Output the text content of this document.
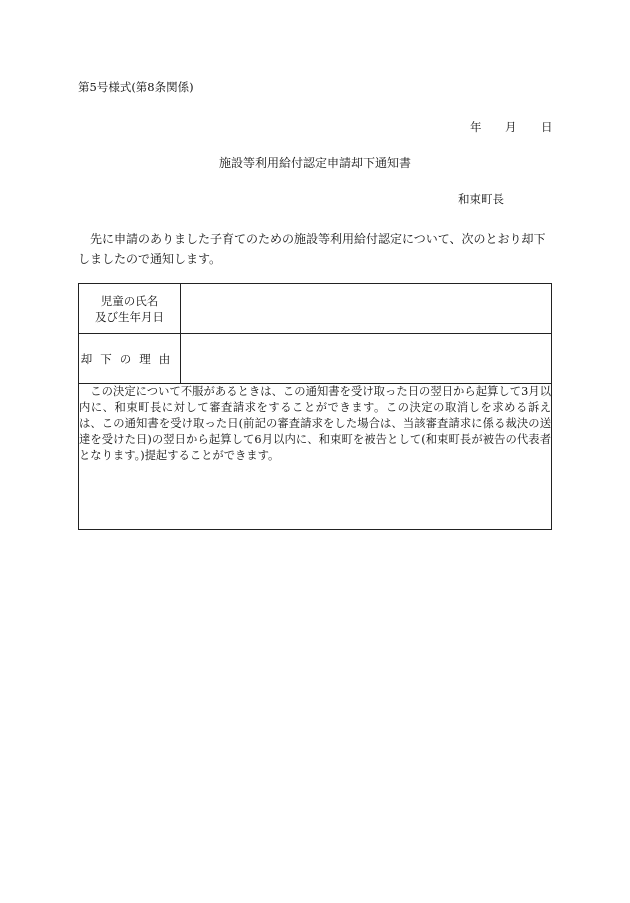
第5号様式(第8条関係)
年 月 日
施設等利用給付認定申請却下通知書
和束町長
　先に申請のありました子育てのための施設等利用給付認定について、次のとおり却下しましたので通知します。
児童の氏名
及び生年月日	

却下の理由	

この決定について不服があるときは、この通知書を受け取った日の翌日から起算して3月以内に、和束町長に対して審査請求をすることができます。この決定の取消しを求める訴えは、この通知書を受け取った日(前記の審査請求をした場合は、当該審査請求に係る裁決の送達を受けた日)の翌日から起算して6月以内に、和束町を被告として(和束町長が被告の代表者となります。)提起することができます。	
